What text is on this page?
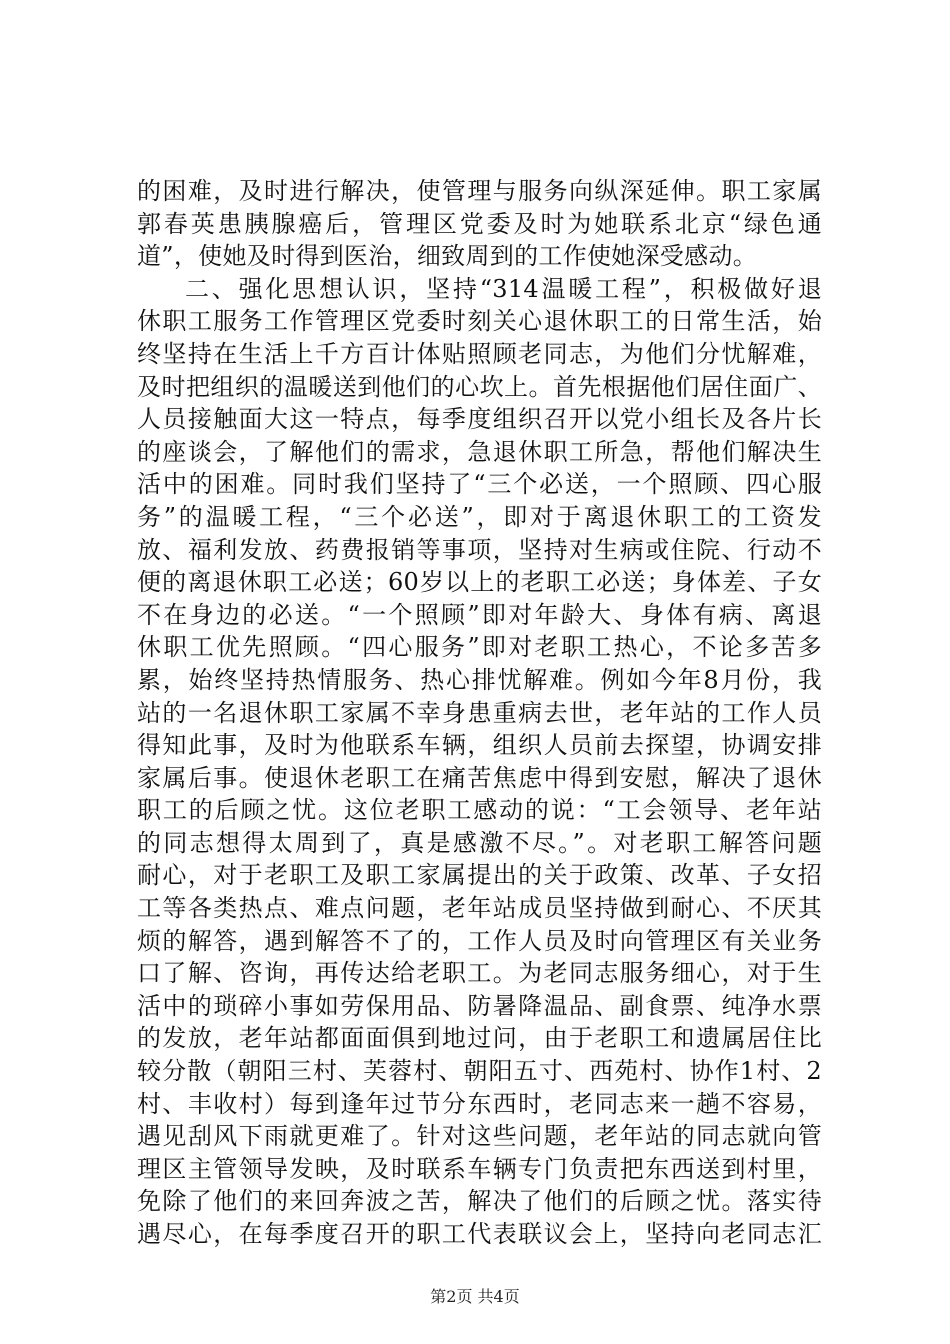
的困难，及时进行解决，使管理与服务向纵深延伸。职工家属
郭春英患胰腺癌后，管理区党委及时为她联系北京“绿色通
道”，使她及时得到医治，细致周到的工作使她深受感动。
二、强化思想认识，坚持“314温暖工程”，积极做好退
休职工服务工作管理区党委时刻关心退休职工的日常生活，始
终坚持在生活上千方百计体贴照顾老同志，为他们分忧解难，
及时把组织的温暖送到他们的心坎上。首先根据他们居住面广、
人员接触面大这一特点，每季度组织召开以党小组长及各片长
的座谈会，了解他们的需求，急退休职工所急，帮他们解决生
活中的困难。同时我们坚持了“三个必送，一个照顾、四心服
务”的温暖工程，“三个必送”，即对于离退休职工的工资发
放、福利发放、药费报销等事项，坚持对生病或住院、行动不
便的离退休职工必送；60岁以上的老职工必送；身体差、子女
不在身边的必送。“一个照顾”即对年龄大、身体有病、离退
休职工优先照顾。“四心服务”即对老职工热心，不论多苦多
累，始终坚持热情服务、热心排忧解难。例如今年8月份，我
站的一名退休职工家属不幸身患重病去世，老年站的工作人员
得知此事，及时为他联系车辆，组织人员前去探望，协调安排
家属后事。使退休老职工在痛苦焦虑中得到安慰，解决了退休
职工的后顾之忧。这位老职工感动的说：“工会领导、老年站
的同志想得太周到了，真是感激不尽。”。对老职工解答问题
耐心，对于老职工及职工家属提出的关于政策、改革、子女招
工等各类热点、难点问题，老年站成员坚持做到耐心、不厌其
烦的解答，遇到解答不了的，工作人员及时向管理区有关业务
口了解、咨询，再传达给老职工。为老同志服务细心，对于生
活中的琐碎小事如劳保用品、防暑降温品、副食票、纯净水票
的发放，老年站都面面俱到地过问，由于老职工和遗属居住比
较分散（朝阳三村、芙蓉村、朝阳五寸、西苑村、协作1村、2
村、丰收村）每到逢年过节分东西时，老同志来一趟不容易，
遇见刮风下雨就更难了。针对这些问题，老年站的同志就向管
理区主管领导发映，及时联系车辆专门负责把东西送到村里，
免除了他们的来回奔波之苦，解决了他们的后顾之忧。落实待
遇尽心，在每季度召开的职工代表联议会上，坚持向老同志汇
第2页 共4页
